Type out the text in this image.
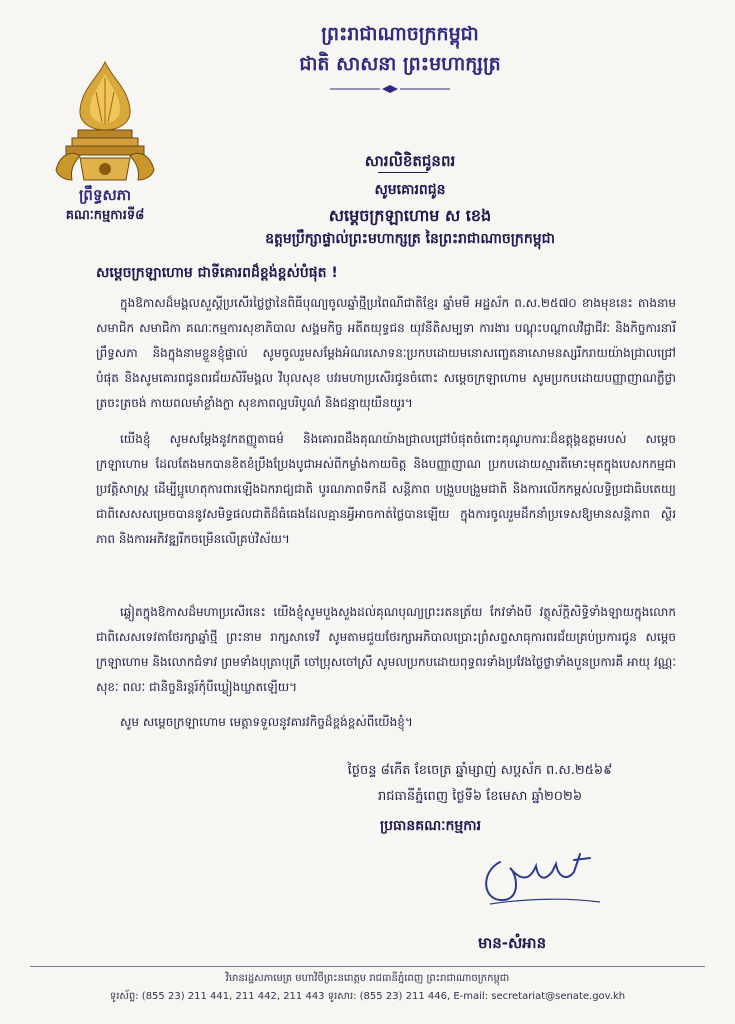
ព្រះរាជាណាចក្រកម្ពុជា
ជាតិ សាសនា ព្រះមហាក្សត្រ
ព្រឹទ្ធសភា
គណៈកម្មការទី៨
សារលិខិតជូនពរ
សូមគោរពជូន
សម្តេចក្រឡាហោម ស ខេង
ឧត្តមប្រឹក្សាផ្ទាល់ព្រះមហាក្សត្រ នៃព្រះរាជាណាចក្រកម្ពុជា
សម្តេចក្រឡាហោម ជាទីគោរពដ៏ខ្ពង់ខ្ពស់បំផុត !
ក្នុងឱកាសដ៏មង្គលសួស្តីប្រសើរថ្លៃថ្លានៃពិធីបុណ្យចូលឆ្នាំថ្មីប្រពៃណីជាតិខ្មែរ ឆ្នាំមមី អដ្ឋស័ក ព.ស.២៥៧០ ខាងមុខនេះ តាងនាមសមាជិក សមាជិកា គណៈកម្មការសុខាភិបាល សង្គមកិច្ច អតីតយុទ្ធជន យុវនីតិសម្បទា ការងារ បណ្តុះបណ្តាលវិជ្ជាជីវៈ និងកិច្ចការនារី ព្រឹទ្ធសភា និងក្នុងនាមខ្លួនខ្ញុំផ្ទាល់ សូមចូលរួមសម្តែងអំណរសោទនៈប្រកបដោយមនោសញ្ចេតនាសោមនស្សរីករាយយ៉ាងជ្រាលជ្រៅបំផុត និងសូមគោរពជូនពរជ័យសិរីមង្គល វិបុលសុខ បវរមហាប្រសើរជូនចំពោះ សម្តេចក្រឡាហោម សូមប្រកបដោយបញ្ញាញាណភ្លឺថ្លា ត្រចះត្រចង់ កាយពលមាំខ្លាំងក្លា សុខភាពល្អបរិបូណ៌ និងជន្មាយុយឺនយូរ។
យើងខ្ញុំ សូមសម្តែងនូវកតញ្ញូតាធម៌ និងគោរពដឹងគុណយ៉ាងជ្រាលជ្រៅបំផុតចំពោះគុណូបការៈដ៏ឧត្តុង្គឧត្តមរបស់ សម្តេចក្រឡាហោម ដែលតែងមកបានខិតខំប្រឹងប្រែងបូជាអស់ពីកម្លាំងកាយចិត្ត និងបញ្ញាញាណ ប្រកបដោយស្មារតីមោះមុតក្នុងបេសកកម្មជាប្រវត្តិសាស្ត្រ ដើម្បីប្អូហេតុការពារឡើងឯករាជ្យជាតិ បូរណភាពទឹកដី សន្តិភាព បង្រួបបង្រួមជាតិ និងការលើកកម្ពស់លទ្ធិប្រជាធិបតេយ្យ ជាពិសេសសម្រេចបាននូវសមិទ្ធផលជាតិដ៏ធំធេងដែលគ្មានអ្វីអាចកាត់ថ្លៃបានឡើយ ក្នុងការចូលរួមដឹកនាំប្រទេសឱ្យមានសន្តិភាព ស្ថិរភាព និងការអភិវឌ្ឍរីកចម្រើនលើគ្រប់វិស័យ។
ឆ្លៀតក្នុងឱកាសដ៏មហាប្រសើរនេះ យើងខ្ញុំសូមបួងសួងដល់គុណបុណ្យព្រះរតនត្រ័យ កែវទាំងបី វត្ថុស័ក្តិសិទ្ធិទាំងឡាយក្នុងលោក ជាពិសេសទេវតាថែរក្សាឆ្នាំថ្មី ព្រះនាម រាក្សសាទេវី សូមតាមជួយថែរក្សាអភិបាលប្រោះព្រំសព្ទសាធុការពរជ័យគ្រប់ប្រការជូន សម្តេចក្រឡាហោម និងលោកជំទាវ ព្រមទាំងបុត្រាបុត្រី ចៅប្រុសចៅស្រី សូមលប្រកបដោយពុទ្ធពរទាំងប្រវែងថ្លៃថ្លាទាំងបួនប្រការគឺ អាយុ វណ្ណៈ សុខៈ ពលៈ ជានិច្ចនិរន្តរ៍កុំបីឃ្លៀងឃ្លាតឡើយ។
សូម សម្តេចក្រឡាហោម មេត្តាទទួលនូវគារវកិច្ចដ៏ខ្ពង់ខ្ពស់ពីយើងខ្ញុំ។
ថ្ងៃចន្ទ ៨កើត ខែចេត្រ ឆ្នាំម្សាញ់ សប្តស័ក ព.ស.២៥៦៩
រាជធានីភ្នំពេញ ថ្ងៃទី៦ ខែមេសា ឆ្នាំ២០២៦
ប្រធានគណៈកម្មការ
មាន-សំអាន
វិមានរដ្ឋសភាមេត្រ មហាវិថីព្រះនរោត្តម រាជធានីភ្នំពេញ ព្រះរាជាណាចក្រកម្ពុជា
ទូរស័ព្ទ: (855 23) 211 441, 211 442, 211 443 ទូរសារ: (855 23) 211 446, E-mail: secretariat@senate.gov.kh
